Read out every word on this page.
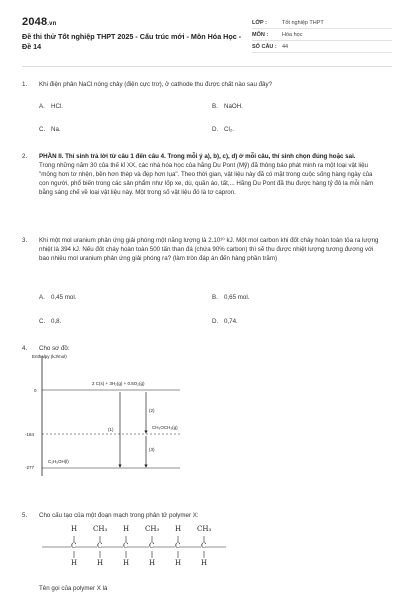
2048.vn
Đề thi thử Tốt nghiệp THPT 2025 - Cấu trúc mới - Môn Hóa Học - Đề 14
LỚP :	Tốt nghiệp THPT
MÔN :	Hóa học
SỐ CÂU : 44
1.	Khi điện phân NaCl nóng chảy (điện cực trơ), ở cathode thu được chất nào sau đây?
A. HCl.	B. NaOH.
C. Na.	D. Cl₂.
2.	PHẦN II. Thí sinh trả lời từ câu 1 đến câu 4. Trong mỗi ý a), b), c), d) ở mỗi câu, thí sinh chọn đúng hoặc sai.
Trong những năm 30 của thế kỉ XX, các nhà hóa học của hãng Du Pont (Mỹ) đã thông báo phát minh ra một loại vật liệu "mỏng hơn tơ nhện, bền hơn thép và đẹp hơn lụa". Theo thời gian, vật liệu này đã có mặt trong cuộc sống hàng ngày của con người, phổ biến trong các sản phẩm như lốp xe, dù, quần áo, tất,... Hãng Du Pont đã thu được hàng tỷ đô la mỗi năm bằng sáng chế về loại vật liệu này. Một trong số vật liệu đó là tơ capron.
3.	Khi một mol uranium phản ứng giải phóng một năng lượng là 2.10¹⁰ kJ. Một mol carbon khi đốt cháy hoàn toàn tỏa ra lượng nhiệt là 394 kJ. Nếu đốt cháy hoàn toàn 500 tấn than đá (chứa 90% carbon) thì sẽ thu được nhiệt lượng tương đương với bao nhiêu mol uranium phản ứng giải phóng ra? (làm tròn đáp án đến hàng phần trăm)
A. 0,45 mol.	B. 0,65 mol.
C. 0,8.	D. 0,74.
4.	Cho sơ đồ:
Enthalpy (kJ/mol)
2 C(s) + 3H₂(g) + 0.5O₂(g)
CH₃OCH₃(g)
C₂H₅OH(l)
0
-184
-277
(1)
(2)
(3)
5.	Cho cấu tạo của một đoạn mạch trong phân tử polymer X:
H CH₃ H CH₃ H CH₃
C	C	C	C	C	C
H	H	H	H	H	H
Tên gọi của polymer X là
